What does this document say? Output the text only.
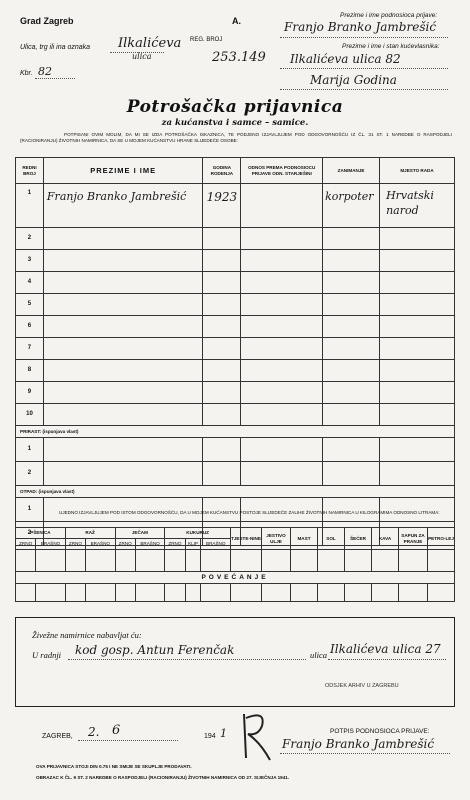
Grad Zagreb
Ulica, trg ili ina oznaka Ilkalićeva
ulica
Kbr. 82
A.
REG. BROJ
253.149
Prezime i ime podnosioca prijave:
Franjo Branko Jambrešić
Prezime i ime i stan kućevlasnika:
Ilkalićeva ulica 82
Marija Godina
Potrošačka prijavnica
za kućanstva i samce – samice.
POTPISANI OVIM MOLIM, DA MI SE IZDA POTROŠAČKA ISKAZNICA, TE PODJENO IZJAVLJUJEM POD ODGOVORNOŠĆU IZ ČL. 31 ST. 1 NAREDBE O RASPODJELI (RACIONIRANJU) ŽIVOTNIH NAMIRNICA, DA SE U MOJEM KUĆANSTVU HRANE SLIJEDEĆE OSOBE:
REDNI BROJ	PREZIME I IME	GODINA RODENJA	ODNOS PREMA PODNOSIOCU PRIJAVE ODN. STARJEŠINI	ZANIMANJE	MJESTO RADA
1	Franjo Branko Jambrešić	1923		korpoter	Hrvatski narod
2					
3					
4					
5					
6					
7					
8					
9					
10					
PRIRAST: (ispunjava vlast)					
1					
2					
OTPAD: (ispunjava vlast)					
1					
2					
UJEDNO IZJAVLJUJEM POD ISTOM ODGOVORNOŠĆU, DA U MOJEM KUĆANSTVU POSTOJE SLIJEDEĆE ZALIHE ŽIVOTNIH NAMIRNICA U KILOGRAMIMA ODNOSNO LITRAMA:
PŠENICA		RAŽ		JEČAM		KUKURUZ			TJESTE-NINE	JESTIVO ULJE	MAST	SOL	ŠEĆER	KAVA	SAPUN ZA PRANJE	PETRO-LEJ
ZRNO	BRAŠNO	ZRNO	BRAŠNO	ZRNO	BRAŠNO	ZRNO	KLIP	BRAŠNO								

POVEĆANJE																

Živežne namirnice nabavljat ću:
U radnji kod gosp. Antun Ferenčak	ulica Ilkalićeva ulica 27
ODSJEK ARHIV U ZAGREBU
ZAGREB, 2. 6	194 1	POTPIS PODNOSIOCA PRIJAVE:
Franjo Branko Jambrešić
OVA PRIJAVNICA STOJI DIN 0.75 I NE SMIJE SE SKUPLJE PRODAVATI.
OBRAZAC K ČL. 9 ST. 2 NAREDBE O RASPODJELI (RACIONIRANJU) ŽIVOTNIH NAMIRNICA OD 27. SIJEČNJA 1941.
